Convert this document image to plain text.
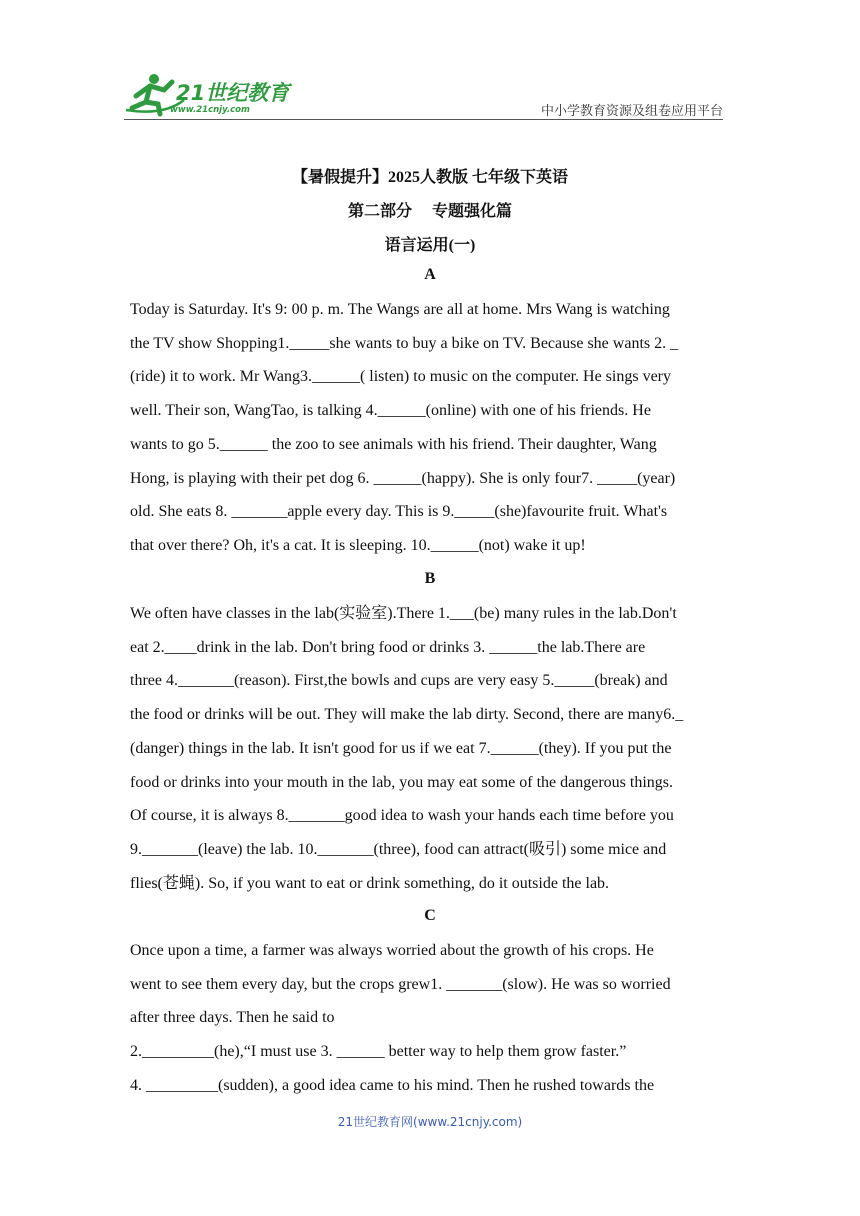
21世纪教育
www.21cnjy.com	中小学教育资源及组卷应用平台
【暑假提升】2025人教版 七年级下英语
第二部分　 专题强化篇
语言运用(一)
A

Today is Saturday. It's 9: 00 p. m. The Wangs are all at home. Mrs Wang is watching

the TV show Shopping1._____she wants to buy a bike on TV. Because she wants 2. _

(ride) it to work. Mr Wang3.______( listen) to music on the computer. He sings very

well. Their son, WangTao, is talking 4.______(online) with one of his friends. He

wants to go 5.______ the zoo to see animals with his friend. Their daughter, Wang

Hong, is playing with their pet dog 6. ______(happy). She is only four7. _____(year)

old. She eats 8. _______apple every day. This is 9._____(she)favourite fruit. What's

that over there? Oh, it's a cat. It is sleeping. 10.______(not) wake it up!

B

We often have classes in the lab(实验室).There 1.___(be) many rules in the lab.Don't

eat 2.____drink in the lab. Don't bring food or drinks 3. ______the lab.There are

three 4._______(reason). First,the bowls and cups are very easy 5._____(break) and

the food or drinks will be out. They will make the lab dirty. Second, there are many6._

(danger) things in the lab. It isn't good for us if we eat 7.______(they). If you put the

food or drinks into your mouth in the lab, you may eat some of the dangerous things.

Of course, it is always 8._______good idea to wash your hands each time before you

9._______(leave) the lab. 10._______(three), food can attract(吸引) some mice and

flies(苍蝇). So, if you want to eat or drink something, do it outside the lab.

C

Once upon a time, a farmer was always worried about the growth of his crops. He

went to see them every day, but the crops grew1. _______(slow). He was so worried

after three days. Then he said to

2._________(he),“I must use 3. ______ better way to help them grow faster.”

4. _________(sudden), a good idea came to his mind. Then he rushed towards the

21世纪教育网(www.21cnjy.com)
